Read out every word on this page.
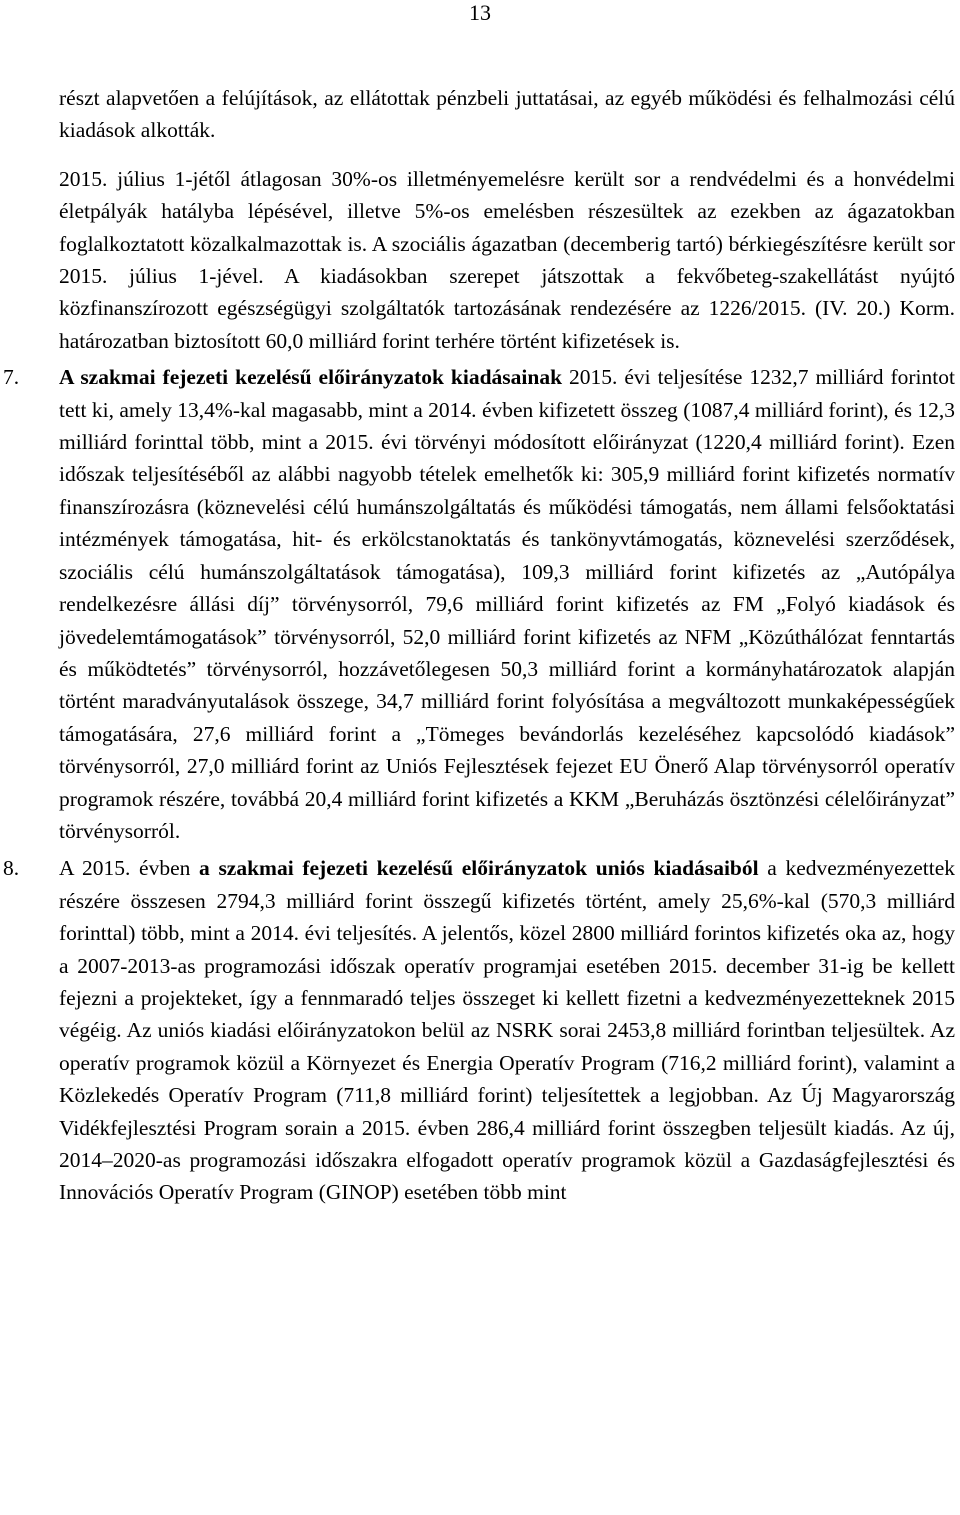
13

részt alapvetően a felújítások, az ellátottak pénzbeli juttatásai, az egyéb működési és felhalmozási célú kiadások alkották.

2015. július 1-jétől átlagosan 30%-os illetményemelésre került sor a rendvédelmi és a honvédelmi életpályák hatályba lépésével, illetve 5%-os emelésben részesültek az ezekben az ágazatokban foglalkoztatott közalkalmazottak is. A szociális ágazatban (decemberig tartó) bérkiegészítésre került sor 2015. július 1-jével. A kiadásokban szerepet játszottak a fekvőbeteg-szakellátást nyújtó közfinanszírozott egészségügyi szolgáltatók tartozásának rendezésére az 1226/2015. (IV. 20.) Korm. határozatban biztosított 60,0 milliárd forint terhére történt kifizetések is.

7. A szakmai fejezeti kezelésű előirányzatok kiadásainak 2015. évi teljesítése 1232,7 milliárd forintot tett ki, amely 13,4%-kal magasabb, mint a 2014. évben kifizetett összeg (1087,4 milliárd forint), és 12,3 milliárd forinttal több, mint a 2015. évi törvényi módosított előirányzat (1220,4 milliárd forint). Ezen időszak teljesítéséből az alábbi nagyobb tételek emelhetők ki: 305,9 milliárd forint kifizetés normatív finanszírozásra (köznevelési célú humánszolgáltatás és működési támogatás, nem állami felsőoktatási intézmények támogatása, hit- és erkölcstanoktatás és tankönyvtámogatás, köznevelési szerződések, szociális célú humánszolgáltatások támogatása), 109,3 milliárd forint kifizetés az „Autópálya rendelkezésre állási díj” törvénysorról, 79,6 milliárd forint kifizetés az FM „Folyó kiadások és jövedelemtámogatások” törvénysorról, 52,0 milliárd forint kifizetés az NFM „Közúthálózat fenntartás és működtetés” törvénysorról, hozzávetőlegesen 50,3 milliárd forint a kormányhatározatok alapján történt maradványutalások összege, 34,7 milliárd forint folyósítása a megváltozott munkaképességűek támogatására, 27,6 milliárd forint a „Tömeges bevándorlás kezeléséhez kapcsolódó kiadások” törvénysorról, 27,0 milliárd forint az Uniós Fejlesztések fejezet EU Önerő Alap törvénysorról operatív programok részére, továbbá 20,4 milliárd forint kifizetés a KKM „Beruházás ösztönzési célelőirányzat” törvénysorról.

8. A 2015. évben a szakmai fejezeti kezelésű előirányzatok uniós kiadásaiból a kedvezményezettek részére összesen 2794,3 milliárd forint összegű kifizetés történt, amely 25,6%-kal (570,3 milliárd forinttal) több, mint a 2014. évi teljesítés. A jelentős, közel 2800 milliárd forintos kifizetés oka az, hogy a 2007-2013-as programozási időszak operatív programjai esetében 2015. december 31-ig be kellett fejezni a projekteket, így a fennmaradó teljes összeget ki kellett fizetni a kedvezményezetteknek 2015 végéig. Az uniós kiadási előirányzatokon belül az NSRK sorai 2453,8 milliárd forintban teljesültek. Az operatív programok közül a Környezet és Energia Operatív Program (716,2 milliárd forint), valamint a Közlekedés Operatív Program (711,8 milliárd forint) teljesítettek a legjobban. Az Új Magyarország Vidékfejlesztési Program sorain a 2015. évben 286,4 milliárd forint összegben teljesült kiadás. Az új, 2014–2020-as programozási időszakra elfogadott operatív programok közül a Gazdaságfejlesztési és Innovációs Operatív Program (GINOP) esetében több mint
